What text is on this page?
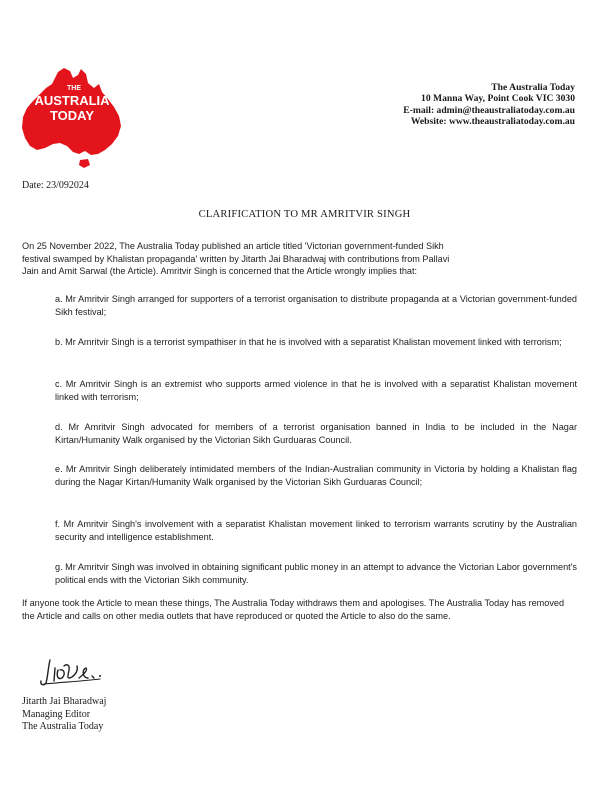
THE
AUSTRALIA
TODAY
The Australia Today
10 Manna Way, Point Cook VIC 3030
E-mail: admin@theaustraliatoday.com.au
Website: www.theaustraliatoday.com.au
Date: 23/092024
CLARIFICATION TO MR AMRITVIR SINGH

On 25 November 2022, The Australia Today published an article titled 'Victorian government-funded Sikh

festival swamped by Khalistan propaganda' written by Jitarth Jai Bharadwaj with contributions from Pallavi

Jain and Amit Sarwal (the Article). Amritvir Singh is concerned that the Article wrongly implies that:

a. Mr Amritvir Singh arranged for supporters of a terrorist organisation to distribute propaganda at a Victorian government-funded Sikh festival;

b. Mr Amritvir Singh is a terrorist sympathiser in that he is involved with a separatist Khalistan movement linked with terrorism;

c. Mr Amritvir Singh is an extremist who supports armed violence in that he is involved with a separatist Khalistan movement linked with terrorism;

d. Mr Amritvir Singh advocated for members of a terrorist organisation banned in India to be included in the Nagar Kirtan/Humanity Walk organised by the Victorian Sikh Gurduaras Council.

e. Mr Amritvir Singh deliberately intimidated members of the Indian-Australian community in Victoria by holding a Khalistan flag during the Nagar Kirtan/Humanity Walk organised by the Victorian Sikh Gurduaras Council;

f. Mr Amritvir Singh's involvement with a separatist Khalistan movement linked to terrorism warrants scrutiny by the Australian security and intelligence establishment.

g. Mr Amritvir Singh was involved in obtaining significant public money in an attempt to advance the Victorian Labor government's political ends with the Victorian Sikh community.

If anyone took the Article to mean these things, The Australia Today withdraws them and apologises. The Australia Today has removed the Article and calls on other media outlets that have reproduced or quoted the Article to also do the same.

Jitarth Jai Bharadwaj
Managing Editor
The Australia Today
